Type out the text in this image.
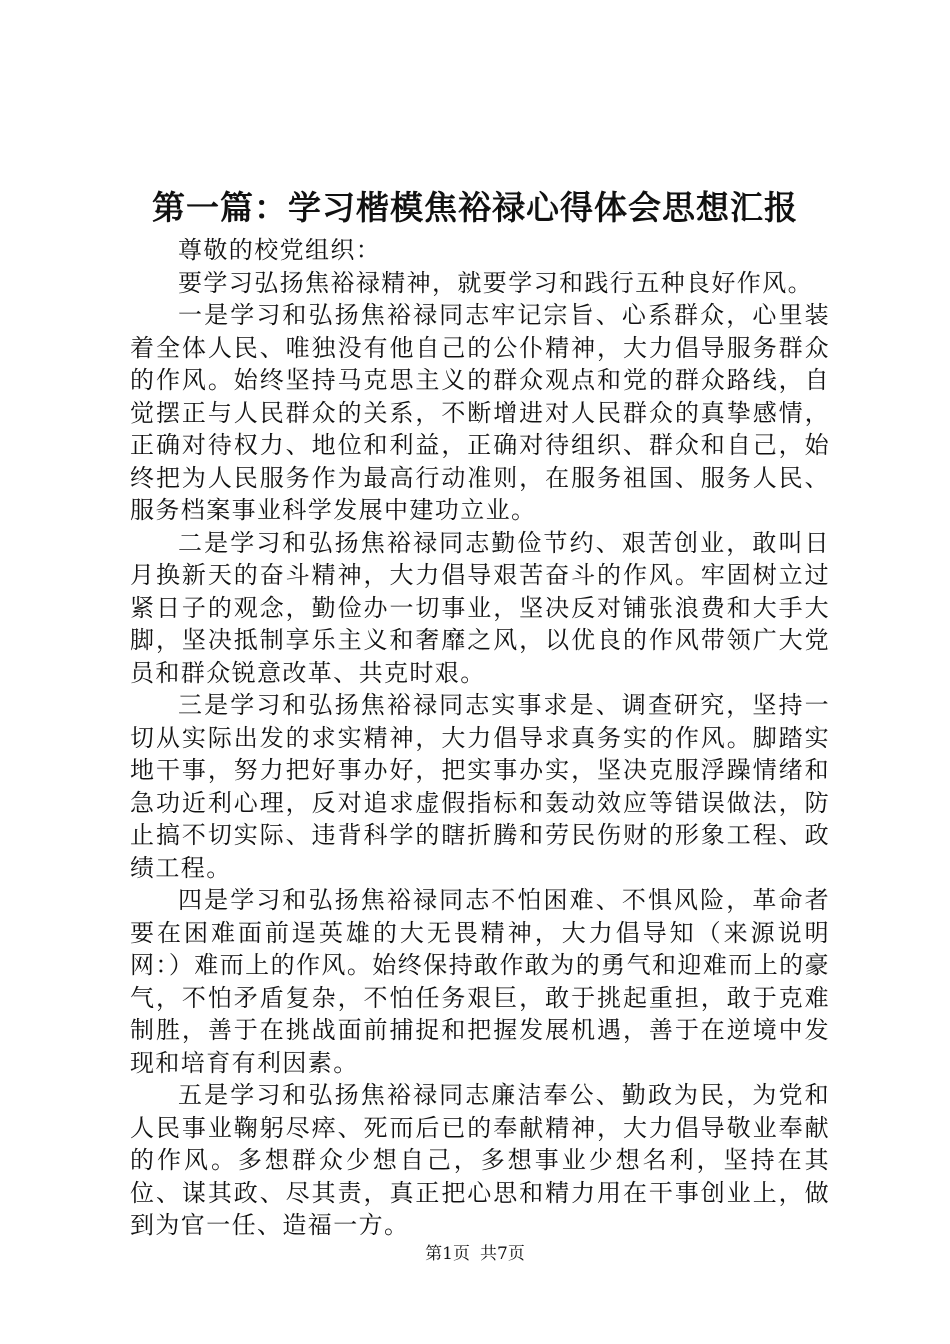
第一篇：学习楷模焦裕禄心得体会思想汇报

尊敬的校党组织：

要学习弘扬焦裕禄精神，就要学习和践行五种良好作风。

一是学习和弘扬焦裕禄同志牢记宗旨、心系群众，心里装着全体人民、唯独没有他自己的公仆精神，大力倡导服务群众的作风。始终坚持马克思主义的群众观点和党的群众路线，自觉摆正与人民群众的关系，不断增进对人民群众的真挚感情，正确对待权力、地位和利益，正确对待组织、群众和自己，始终把为人民服务作为最高行动准则，在服务祖国、服务人民、服务档案事业科学发展中建功立业。

二是学习和弘扬焦裕禄同志勤俭节约、艰苦创业，敢叫日月换新天的奋斗精神，大力倡导艰苦奋斗的作风。牢固树立过紧日子的观念，勤俭办一切事业，坚决反对铺张浪费和大手大脚，坚决抵制享乐主义和奢靡之风，以优良的作风带领广大党员和群众锐意改革、共克时艰。

三是学习和弘扬焦裕禄同志实事求是、调查研究，坚持一切从实际出发的求实精神，大力倡导求真务实的作风。脚踏实地干事，努力把好事办好，把实事办实，坚决克服浮躁情绪和急功近利心理，反对追求虚假指标和轰动效应等错误做法，防止搞不切实际、违背科学的瞎折腾和劳民伤财的形象工程、政绩工程。

四是学习和弘扬焦裕禄同志不怕困难、不惧风险，革命者要在困难面前逞英雄的大无畏精神，大力倡导知（来源说明网：）难而上的作风。始终保持敢作敢为的勇气和迎难而上的豪气，不怕矛盾复杂，不怕任务艰巨，敢于挑起重担，敢于克难制胜，善于在挑战面前捕捉和把握发展机遇，善于在逆境中发现和培育有利因素。

五是学习和弘扬焦裕禄同志廉洁奉公、勤政为民，为党和人民事业鞠躬尽瘁、死而后已的奉献精神，大力倡导敬业奉献的作风。多想群众少想自己，多想事业少想名利，坚持在其位、谋其政、尽其责，真正把心思和精力用在干事创业上，做到为官一任、造福一方。

第1页 共7页
